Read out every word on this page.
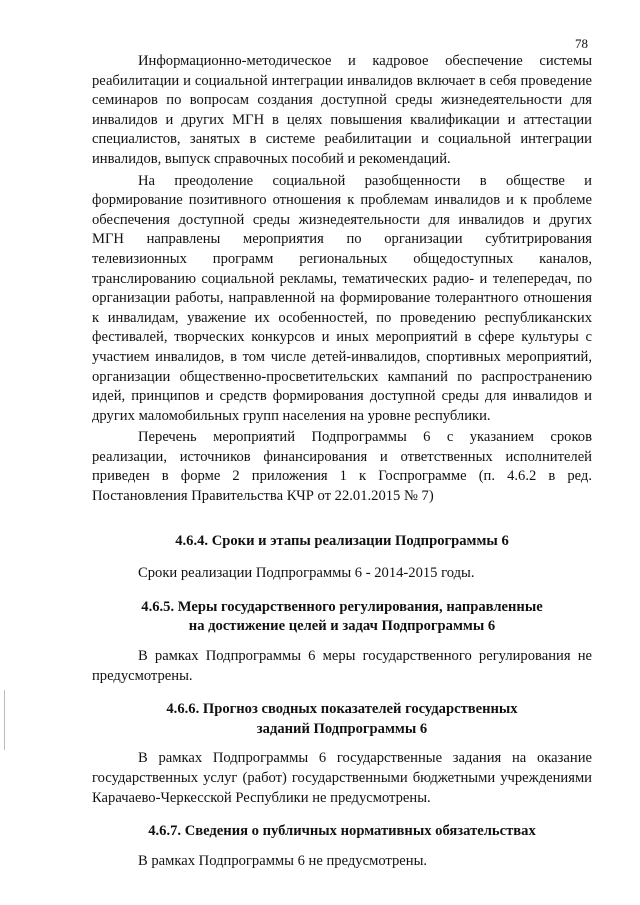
78

Информационно-методическое и кадровое обеспечение системы реабилитации и социальной интеграции инвалидов включает в себя проведение семинаров по вопросам создания доступной среды жизнедеятельности для инвалидов и других МГН в целях повышения квалификации и аттестации специалистов, занятых в системе реабилитации и социальной интеграции инвалидов, выпуск справочных пособий и рекомендаций.

На преодоление социальной разобщенности в обществе и формирование позитивного отношения к проблемам инвалидов и к проблеме обеспечения доступной среды жизнедеятельности для инвалидов и других МГН направлены мероприятия по организации субтитрирования телевизионных программ региональных общедоступных каналов, транслированию социальной рекламы, тематических радио- и телепередач, по организации работы, направленной на формирование толерантного отношения к инвалидам, уважение их особенностей, по проведению республиканских фестивалей, творческих конкурсов и иных мероприятий в сфере культуры с участием инвалидов, в том числе детей-инвалидов, спортивных мероприятий, организации общественно-просветительских кампаний по распространению идей, принципов и средств формирования доступной среды для инвалидов и других маломобильных групп населения на уровне республики.

Перечень мероприятий Подпрограммы 6 с указанием сроков реализации, источников финансирования и ответственных исполнителей приведен в форме 2 приложения 1 к Госпрограмме (п. 4.6.2 в ред. Постановления Правительства КЧР от 22.01.2015 № 7)

4.6.4. Сроки и этапы реализации Подпрограммы 6

Сроки реализации Подпрограммы 6 - 2014-2015 годы.

4.6.5. Меры государственного регулирования, направленные
на достижение целей и задач Подпрограммы 6

В рамках Подпрограммы 6 меры государственного регулирования не предусмотрены.

4.6.6. Прогноз сводных показателей государственных
заданий Подпрограммы 6

В рамках Подпрограммы 6 государственные задания на оказание государственных услуг (работ) государственными бюджетными учреждениями Карачаево-Черкесской Республики не предусмотрены.

4.6.7. Сведения о публичных нормативных обязательствах

В рамках Подпрограммы 6 не предусмотрены.
